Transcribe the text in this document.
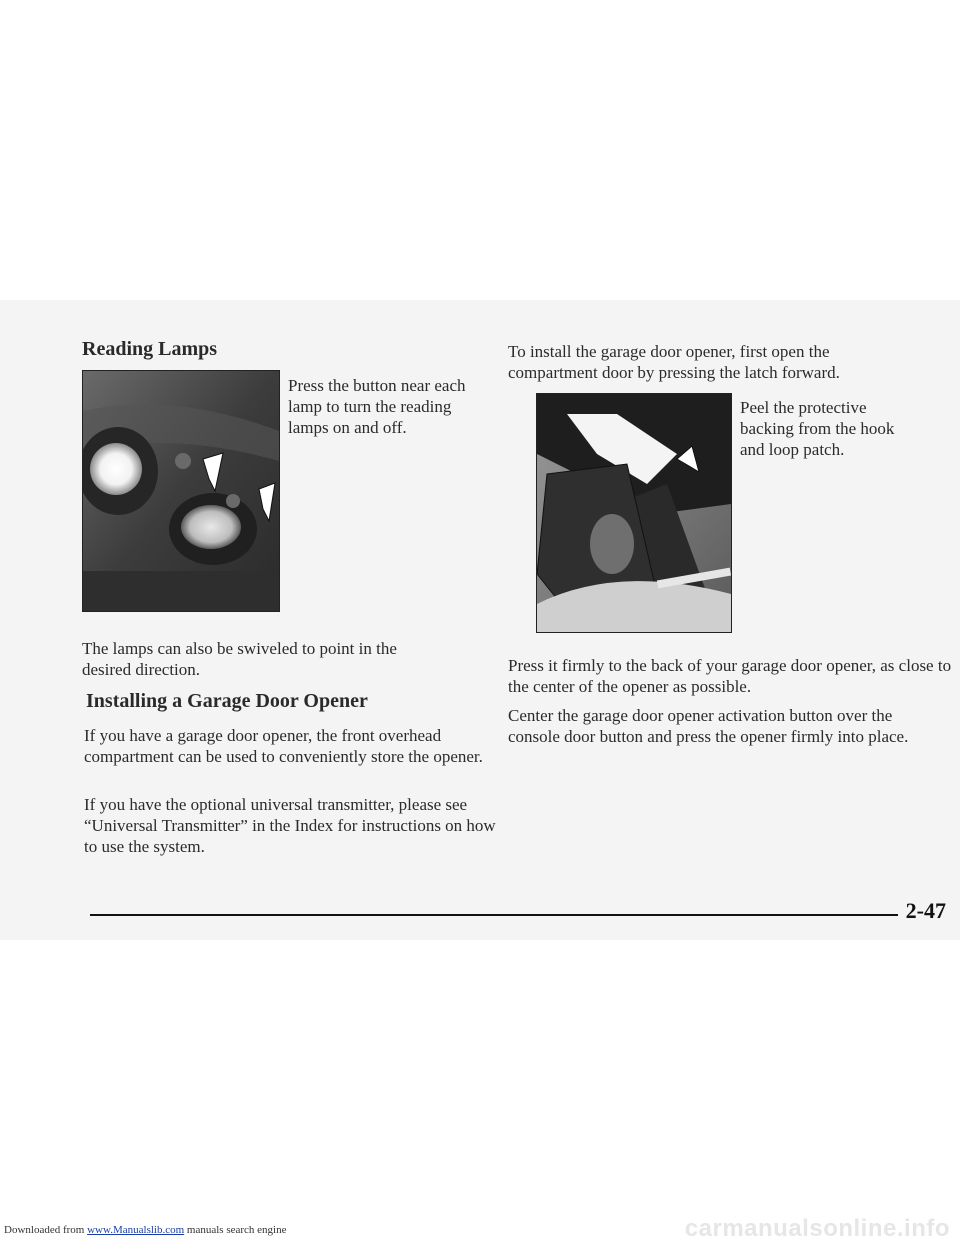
Reading Lamps

Press the button near each lamp to turn the reading lamps on and off.

The lamps can also be swiveled to point in the desired direction.

Installing a Garage Door Opener

If you have a garage door opener, the front overhead compartment can be used to conveniently store the opener.

If you have the optional universal transmitter, please see “Universal Transmitter” in the Index for instructions on how to use the system.

To install the garage door opener, first open the compartment door by pressing the latch forward.

Peel the protective backing from the hook and loop patch.

Press it firmly to the back of your garage door opener, as close to the center of the opener as possible.

Center the garage door opener activation button over the console door button and press the opener firmly into place.

2-47
Downloaded from www.Manualslib.com manuals search engine	carmanualsonline.info
